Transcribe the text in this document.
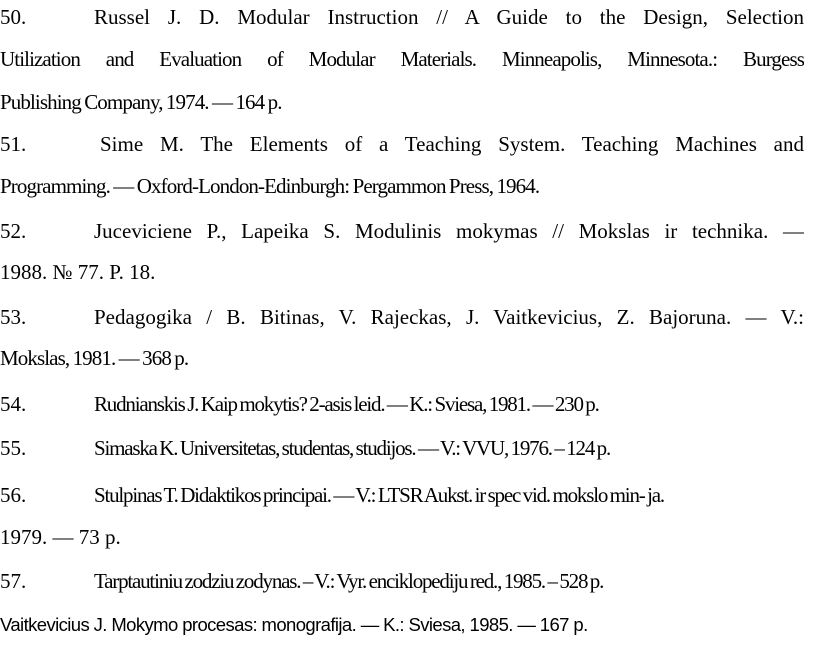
50.	Russel J. D. Modular Instruction // A Guide to the Design, Selection
Utilization and Evaluation of Modular Materials. Minneapolis, Minnesota.: Burgess
Publishing Company, 1974. — 164 p.
51.	Sime M. The Elements of a Teaching System. Teaching Machines and
Programming. — Oxford-London-Edinburgh: Pergammon Press, 1964.
52.	Juceviciene P., Lapeika S. Modulinis mokymas // Mokslas ir technika. —
1988. № 77. P. 18.
53.	Pedagogika / B. Bitinas, V. Rajeckas, J. Vaitkevicius, Z. Bajoruna. — V.:
Mokslas, 1981. — 368 p.
54.	Rudnianskis J. Kaip mokytis? 2-asis leid. — K.: Sviesa, 1981. — 230 p.
55.	Simaska K. Universitetas, studentas, studijos. — V.: VVU, 1976. – 124 p.
56.	Stulpinas T. Didaktikos principai. — V.: LTSR Aukst. ir spec vid. mokslo min- ja.
1979. — 73 p.
57.	Tarptautiniu zodziu zodynas. – V.: Vyr. enciklopediju red., 1985. – 528 p.
Vaitkevicius J. Mokymo procesas: monografija. — K.: Sviesa, 1985. — 167 p.
